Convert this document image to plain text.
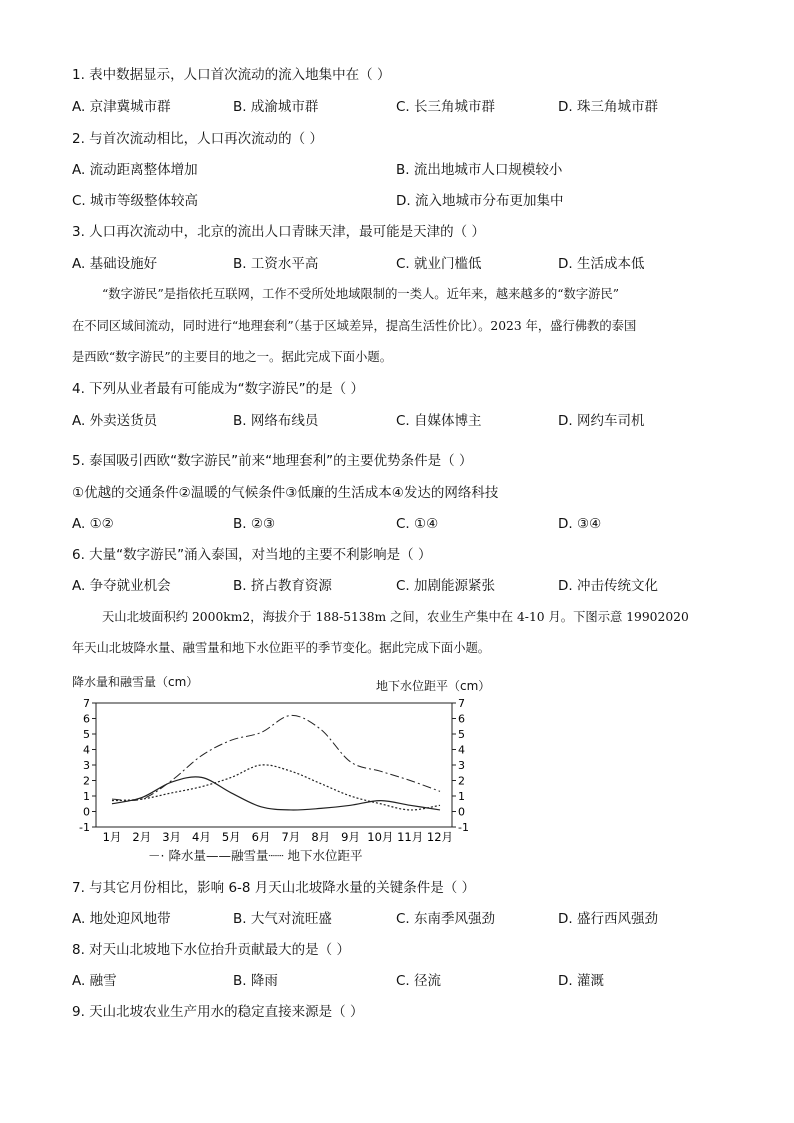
1. 表中数据显示，人口首次流动的流入地集中在（ ）
A. 京津冀城市群	B. 成渝城市群	C. 长三角城市群	D. 珠三角城市群
2. 与首次流动相比，人口再次流动的（ ）
A. 流动距离整体增加	B. 流出地城市人口规模较小
C. 城市等级整体较高	D. 流入地城市分布更加集中
3. 人口再次流动中，北京的流出人口青睐天津，最可能是天津的（ ）
A. 基础设施好	B. 工资水平高	C. 就业门槛低	D. 生活成本低
“数字游民”是指依托互联网，工作不受所处地域限制的一类人。近年来，越来越多的“数字游民”
在不同区域间流动，同时进行“地理套利”（基于区域差异，提高生活性价比）。2023 年，盛行佛教的泰国
是西欧“数字游民”的主要目的地之一。据此完成下面小题。
4. 下列从业者最有可能成为“数字游民”的是（ ）
A. 外卖送货员	B. 网络布线员	C. 自媒体博主	D. 网约车司机
5. 泰国吸引西欧“数字游民”前来“地理套利”的主要优势条件是（ ）
①优越的交通条件②温暖的气候条件③低廉的生活成本④发达的网络科技
A. ①②	B. ②③	C. ①④	D. ③④
6. 大量“数字游民”涌入泰国，对当地的主要不利影响是（ ）
A. 争夺就业机会	B. 挤占教育资源	C. 加剧能源紧张	D. 冲击传统文化
天山北坡面积约 2000km2，海拔介于 188-5138m 之间，农业生产集中在 4-10 月。下图示意 19902020
年天山北坡降水量、融雪量和地下水位距平的季节变化。据此完成下面小题。
降水量和融雪量（cm）	地下水位距平（cm）
7	7
6	6
5	5
4	4
3	3
2	2
1	1
0	0
-1	-1
1月 2月 3月 4月 5月 6月 7月 8月 9月 10月 11月 12月
－· 降水量——融雪量┈┈ 地下水位距平
7. 与其它月份相比，影响 6-8 月天山北坡降水量的关键条件是（ ）
A. 地处迎风地带	B. 大气对流旺盛	C. 东南季风强劲	D. 盛行西风强劲
8. 对天山北坡地下水位抬升贡献最大的是（ ）
A. 融雪	B. 降雨	C. 径流	D. 灌溉
9. 天山北坡农业生产用水的稳定直接来源是（ ）
